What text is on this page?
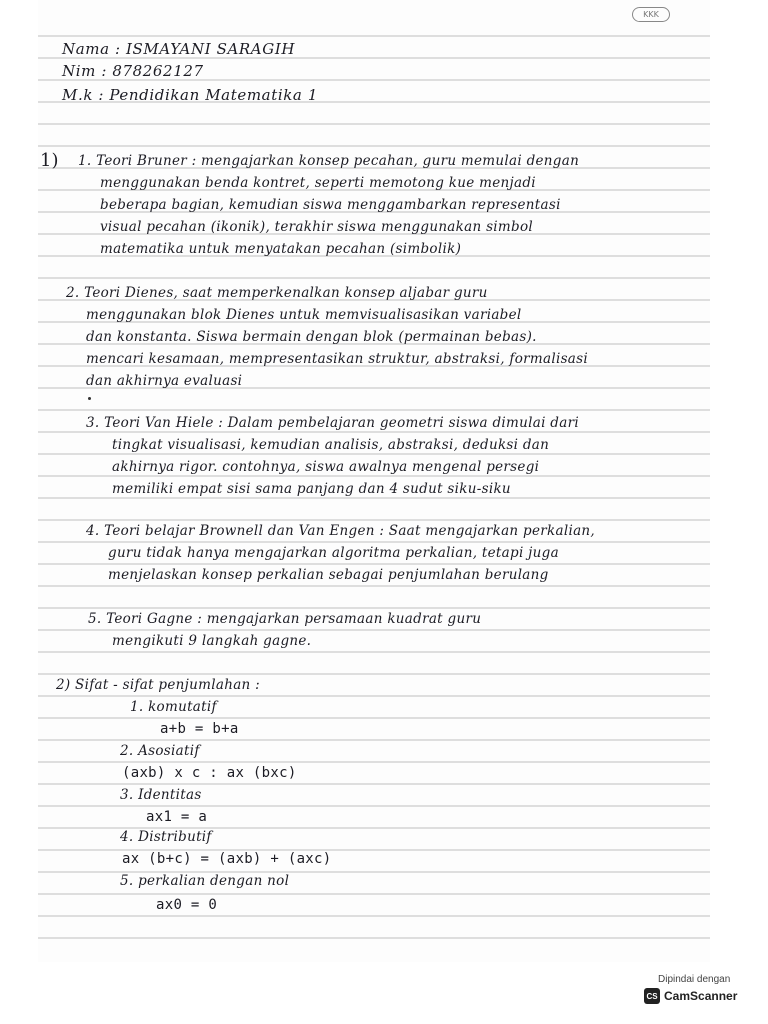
KKK
Nama : ISMAYANI SARAGIH
Nim : 878262127
M.k : Pendidikan Matematika 1
1) 1. Teori Bruner : mengajarkan konsep pecahan, guru memulai dengan
menggunakan benda kontret, seperti memotong kue menjadi
beberapa bagian, kemudian siswa menggambarkan representasi
visual pecahan (ikonik), terakhir siswa menggunakan simbol
matematika untuk menyatakan pecahan (simbolik)
2. Teori Dienes, saat memperkenalkan konsep aljabar guru
menggunakan blok Dienes untuk memvisualisasikan variabel
dan konstanta. Siswa bermain dengan blok (permainan bebas).
mencari kesamaan, mempresentasikan struktur, abstraksi, formalisasi
dan akhirnya evaluasi
3. Teori Van Hiele : Dalam pembelajaran geometri siswa dimulai dari
tingkat visualisasi, kemudian analisis, abstraksi, deduksi dan
akhirnya rigor. contohnya, siswa awalnya mengenal persegi
memiliki empat sisi sama panjang dan 4 sudut siku-siku
4. Teori belajar Brownell dan Van Engen : Saat mengajarkan perkalian,
guru tidak hanya mengajarkan algoritma perkalian, tetapi juga
menjelaskan konsep perkalian sebagai penjumlahan berulang
5. Teori Gagne : mengajarkan persamaan kuadrat guru
mengikuti 9 langkah gagne.
2) Sifat - sifat penjumlahan :
1. komutatif
a+b = b+a
2. Asosiatif
(axb) x c : ax (bxc)
3. Identitas
ax1 = a
4. Distributif
ax (b+c) = (axb) + (axc)
5. perkalian dengan nol
ax0 = 0
Dipindai dengan
CS CamScanner
